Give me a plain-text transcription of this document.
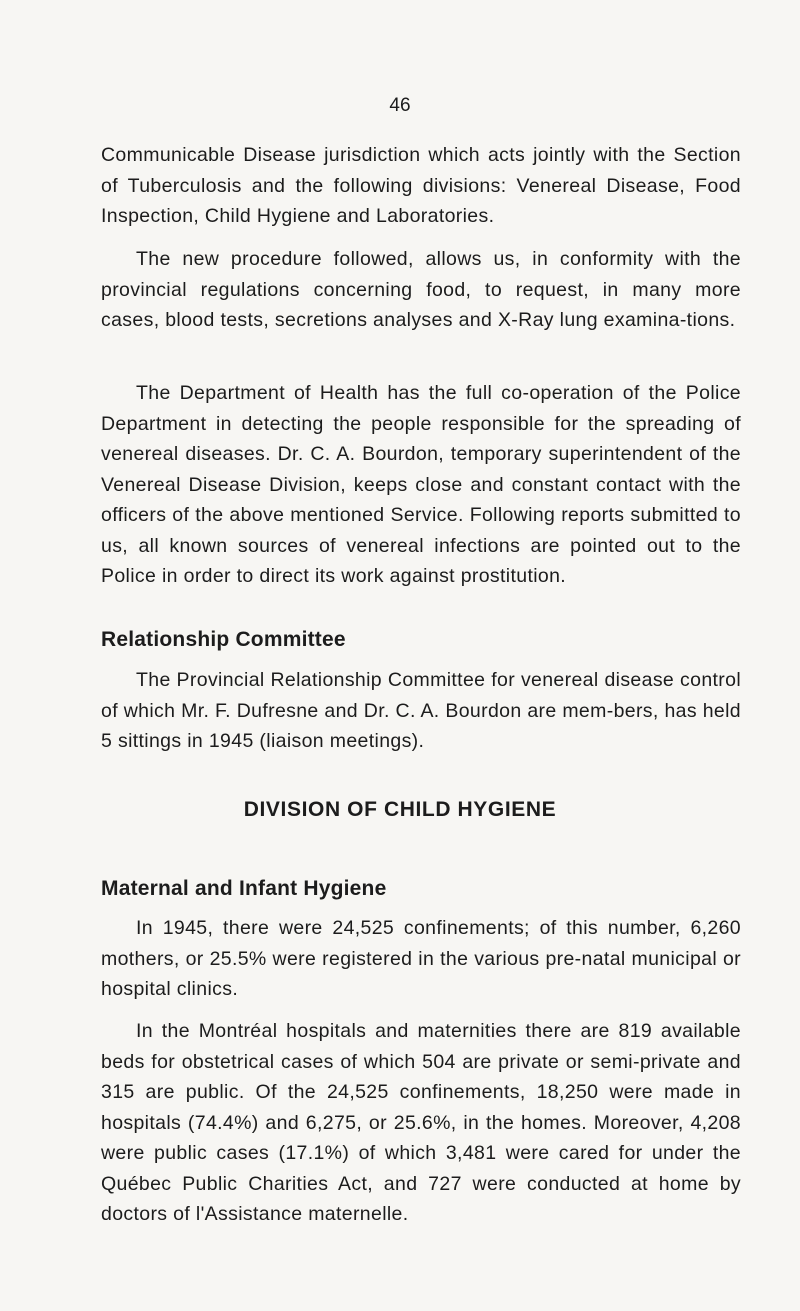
46

Communicable Disease jurisdiction which acts jointly with the Section of Tuberculosis and the following divisions: Venereal Disease, Food Inspection, Child Hygiene and Laboratories.

The new procedure followed, allows us, in conformity with the provincial regulations concerning food, to request, in many more cases, blood tests, secretions analyses and X-Ray lung examina-tions.

The Department of Health has the full co-operation of the Police Department in detecting the people responsible for the spreading of venereal diseases. Dr. C. A. Bourdon, temporary superintendent of the Venereal Disease Division, keeps close and constant contact with the officers of the above mentioned Service. Following reports submitted to us, all known sources of venereal infections are pointed out to the Police in order to direct its work against prostitution.

Relationship Committee

The Provincial Relationship Committee for venereal disease control of which Mr. F. Dufresne and Dr. C. A. Bourdon are mem-bers, has held 5 sittings in 1945 (liaison meetings).

DIVISION OF CHILD HYGIENE
Maternal and Infant Hygiene

In 1945, there were 24,525 confinements; of this number, 6,260 mothers, or 25.5% were registered in the various pre-natal municipal or hospital clinics.

In the Montréal hospitals and maternities there are 819 available beds for obstetrical cases of which 504 are private or semi-private and 315 are public. Of the 24,525 confinements, 18,250 were made in hospitals (74.4%) and 6,275, or 25.6%, in the homes. Moreover, 4,208 were public cases (17.1%) of which 3,481 were cared for under the Québec Public Charities Act, and 727 were conducted at home by doctors of l'Assistance maternelle.
